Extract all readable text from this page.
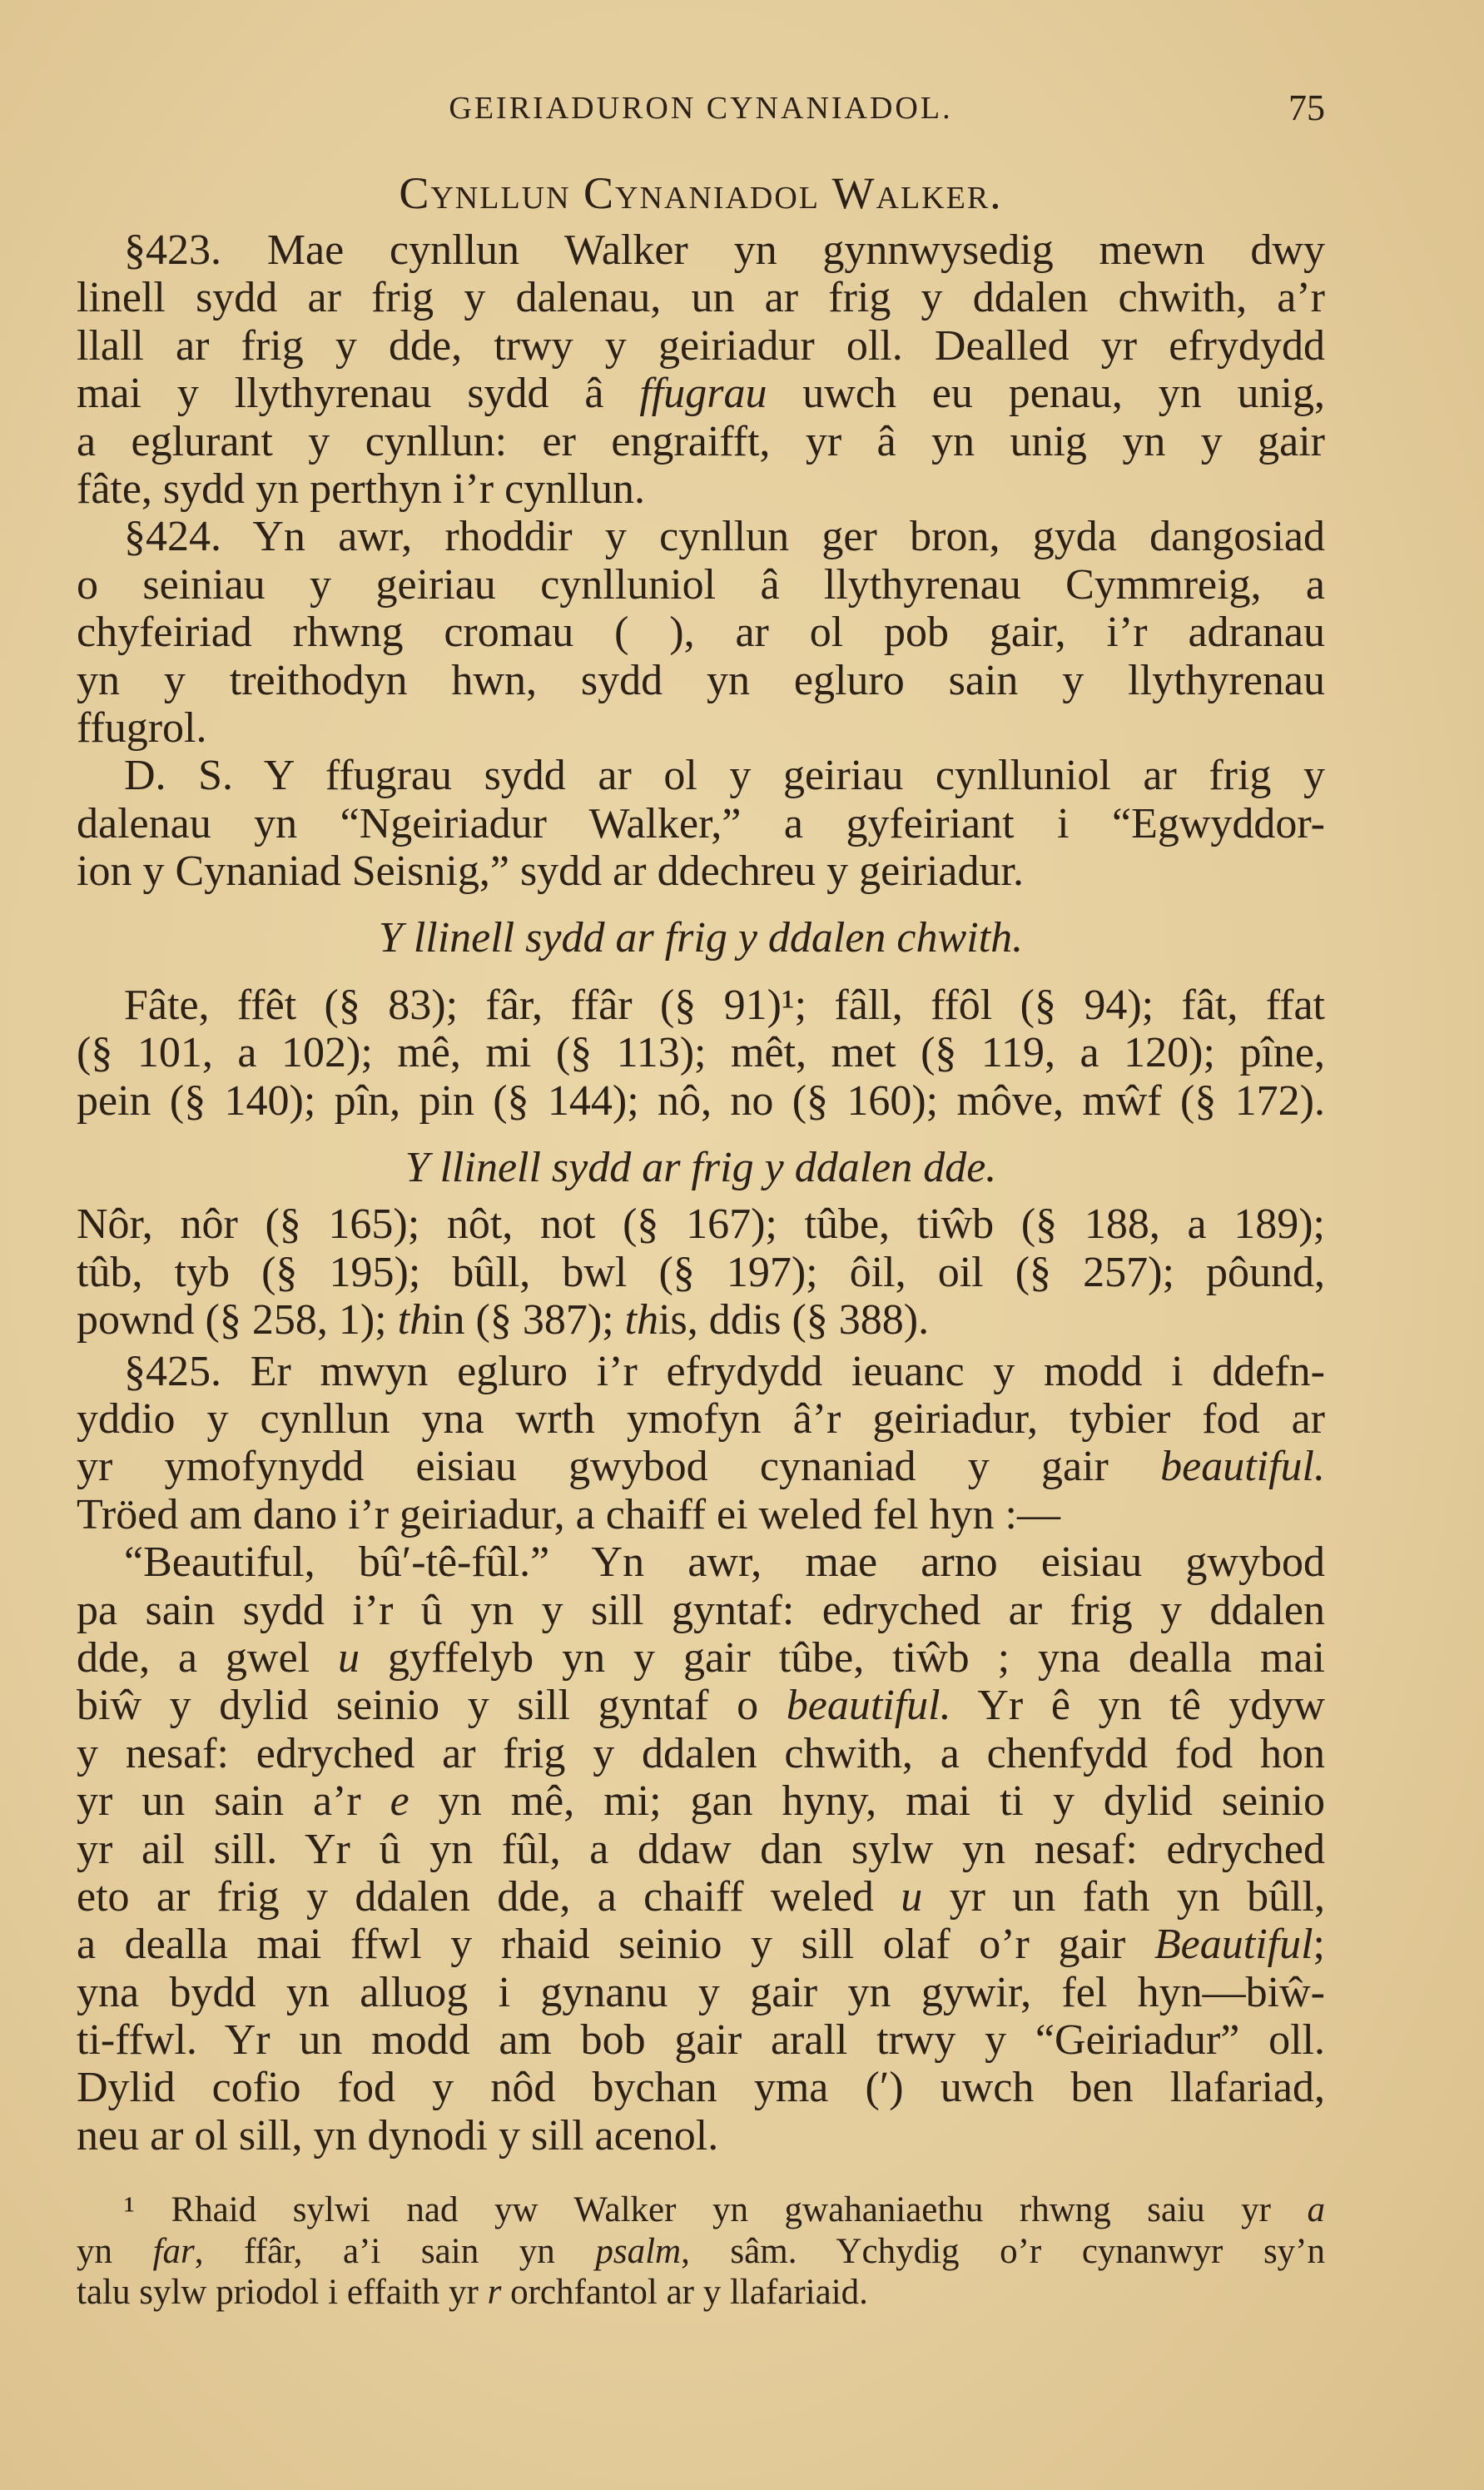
GEIRIADURON CYNANIADOL.	75
Cynllun Cynaniadol Walker.
§423. Mae cynllun Walker yn gynnwysedig mewn dwy
linell sydd ar frig y dalenau, un ar frig y ddalen chwith, a’r
llall ar frig y dde, trwy y geiriadur oll. Dealled yr efrydydd
mai y llythyrenau sydd â ffugrau uwch eu penau, yn unig,
a eglurant y cynllun: er engraifft, yr â yn unig yn y gair
fâte, sydd yn perthyn i’r cynllun.
§424. Yn awr, rhoddir y cynllun ger bron, gyda dangosiad
o seiniau y geiriau cynlluniol â llythyrenau Cymmreig, a
chyfeiriad rhwng cromau ( ), ar ol pob gair, i’r adranau
yn y treithodyn hwn, sydd yn egluro sain y llythyrenau
ffugrol.
D. S. Y ffugrau sydd ar ol y geiriau cynlluniol ar frig y
dalenau yn “Ngeiriadur Walker,” a gyfeiriant i “Egwyddor-
ion y Cynaniad Seisnig,” sydd ar ddechreu y geiriadur.
Y llinell sydd ar frig y ddalen chwith.
Fâte, ffêt (§ 83); fâr, ffâr (§ 91)¹; fâll, ffôl (§ 94); fât, ffat
(§ 101, a 102); mê, mi (§ 113); mêt, met (§ 119, a 120); pîne,
pein (§ 140); pîn, pin (§ 144); nô, no (§ 160); môve, mŵf (§ 172).
Y llinell sydd ar frig y ddalen dde.
Nôr, nôr (§ 165); nôt, not (§ 167); tûbe, tiŵb (§ 188, a 189);
tûb, tyb (§ 195); bûll, bwl (§ 197); ôil, oil (§ 257); pôund,
pownd (§ 258, 1); thin (§ 387); this, ddis (§ 388).
§425. Er mwyn egluro i’r efrydydd ieuanc y modd i ddefn-
yddio y cynllun yna wrth ymofyn â’r geiriadur, tybier fod ar
yr ymofynydd eisiau gwybod cynaniad y gair beautiful.
Tröed am dano i’r geiriadur, a chaiff ei weled fel hyn :—
“Beautiful, bû′-tê-fûl.” Yn awr, mae arno eisiau gwybod
pa sain sydd i’r û yn y sill gyntaf: edryched ar frig y ddalen
dde, a gwel u gyffelyb yn y gair tûbe, tiŵb ; yna dealla mai
biŵ y dylid seinio y sill gyntaf o beautiful. Yr ê yn tê ydyw
y nesaf: edryched ar frig y ddalen chwith, a chenfydd fod hon
yr un sain a’r e yn mê, mi; gan hyny, mai ti y dylid seinio
yr ail sill. Yr û yn fûl, a ddaw dan sylw yn nesaf: edryched
eto ar frig y ddalen dde, a chaiff weled u yr un fath yn bûll,
a dealla mai ffwl y rhaid seinio y sill olaf o’r gair Beautiful;
yna bydd yn alluog i gynanu y gair yn gywir, fel hyn—biŵ-
ti-ffwl. Yr un modd am bob gair arall trwy y “Geiriadur” oll.
Dylid cofio fod y nôd bychan yma (′) uwch ben llafariad,
neu ar ol sill, yn dynodi y sill acenol.
¹ Rhaid sylwi nad yw Walker yn gwahaniaethu rhwng saiu yr a
yn far, ffâr, a’i sain yn psalm, sâm. Ychydig o’r cynanwyr sy’n
talu sylw priodol i effaith yr r orchfantol ar y llafariaid.
